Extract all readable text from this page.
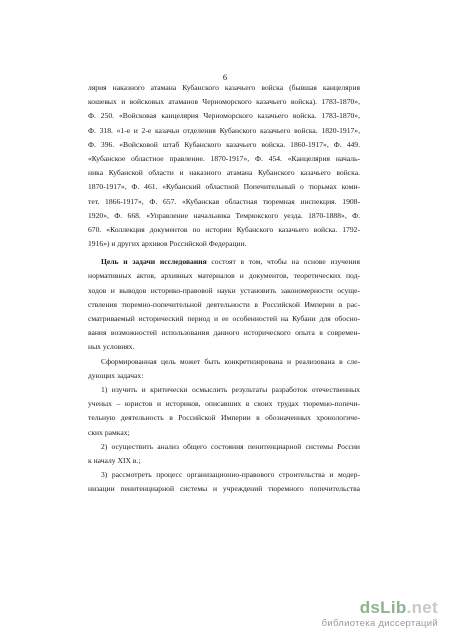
6
лярия наказного атамана Кубанского казачьего войска (бывшая канцелярия
кошевых и войсковых атаманов Черноморского казачьего войска). 1783-1870»,
Ф. 250. «Войсковая канцелярия Черноморского казачьего войска. 1783-1870»,
Ф. 318. «1-е и 2-е казачьи отделения Кубанского казачьего войска. 1820-1917»,
Ф. 396. «Войсковой штаб Кубанского казачьего войска. 1860-1917», Ф. 449.
«Кубанское областное правление. 1870-1917», Ф. 454. «Канцелярия началь-
ника Кубанской области и наказного атамана Кубанского казачьего войска.
1870-1917», Ф. 461. «Кубанский областной Попечительный о тюрьмах коми-
тет. 1866-1917», Ф. 657. «Кубанская областная тюремная инспекция. 1908-
1920», Ф. 668. «Управление начальника Темрюкского уезда. 1870-1888», Ф.
670. «Коллекция документов по истории Кубанского казачьего войска. 1792-
1916») и других архивов Российской Федерации.
Цель и задачи исследования состоят в том, чтобы на основе изучения
нормативных актов, архивных материалов и документов, теоретических под-
ходов и выводов историко-правовой науки установить закономерности осуще-
ствления тюремно-попечительной деятельности в Российской Империи в рас-
сматриваемый исторический период и ее особенностей на Кубани для обосно-
вания возможностей использования данного исторического опыта в современ-
ных условиях.
Сформированная цель может быть конкретизирована и реализована в сле-
дующих задачах:
1) изучить и критически осмыслить результаты разработок отечественных
ученых – юристов и историков, описавших в своих трудах тюремно-попечи-
тельную деятельность в Российской Империи в обозначенных хронологиче-
ских рамках;
2) осуществить анализ общего состояния пенитенциарной системы России
к началу XIX в.;
3) рассмотреть процесс организационно-правового строительства и модер-
низации пенитенциарной системы и учреждений тюремного попечительства
dsLib.net
библиотека диссертаций
